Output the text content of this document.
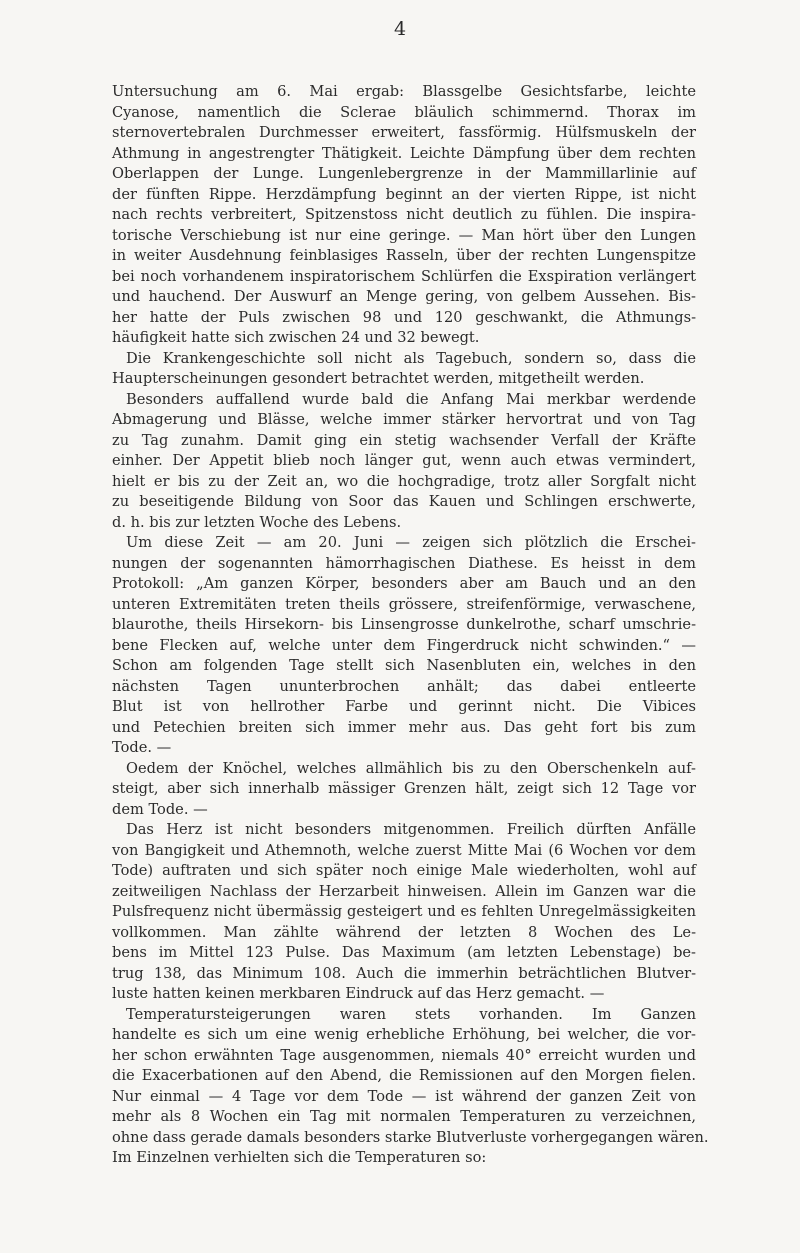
4
Untersuchung am 6. Mai ergab: Blassgelbe Gesichtsfarbe, leichte
Cyanose, namentlich die Sclerae bläulich schimmernd. Thorax im
sternovertebralen Durchmesser erweitert, fassförmig. Hülfsmuskeln der
Athmung in angestrengter Thätigkeit. Leichte Dämpfung über dem rechten
Oberlappen der Lunge. Lungenlebergrenze in der Mammillarlinie auf
der fünften Rippe. Herzdämpfung beginnt an der vierten Rippe, ist nicht
nach rechts verbreitert, Spitzenstoss nicht deutlich zu fühlen. Die inspira-
torische Verschiebung ist nur eine geringe. — Man hört über den Lungen
in weiter Ausdehnung feinblasiges Rasseln, über der rechten Lungenspitze
bei noch vorhandenem inspiratorischem Schlürfen die Exspiration verlängert
und hauchend. Der Auswurf an Menge gering, von gelbem Aussehen. Bis-
her hatte der Puls zwischen 98 und 120 geschwankt, die Athmungs-
häufigkeit hatte sich zwischen 24 und 32 bewegt.
Die Krankengeschichte soll nicht als Tagebuch, sondern so, dass die
Haupterscheinungen gesondert betrachtet werden, mitgetheilt werden.
Besonders auffallend wurde bald die Anfang Mai merkbar werdende
Abmagerung und Blässe, welche immer stärker hervortrat und von Tag
zu Tag zunahm. Damit ging ein stetig wachsender Verfall der Kräfte
einher. Der Appetit blieb noch länger gut, wenn auch etwas vermindert,
hielt er bis zu der Zeit an, wo die hochgradige, trotz aller Sorgfalt nicht
zu beseitigende Bildung von Soor das Kauen und Schlingen erschwerte,
d. h. bis zur letzten Woche des Lebens.
Um diese Zeit — am 20. Juni — zeigen sich plötzlich die Erschei-
nungen der sogenannten hämorrhagischen Diathese. Es heisst in dem
Protokoll: „Am ganzen Körper, besonders aber am Bauch und an den
unteren Extremitäten treten theils grössere, streifenförmige, verwaschene,
blaurothe, theils Hirsekorn- bis Linsengrosse dunkelrothe, scharf umschrie-
bene Flecken auf, welche unter dem Fingerdruck nicht schwinden.“ —
Schon am folgenden Tage stellt sich Nasenbluten ein, welches in den
nächsten Tagen ununterbrochen anhält; das dabei entleerte
Blut ist von hellrother Farbe und gerinnt nicht. Die Vibices
und Petechien breiten sich immer mehr aus. Das geht fort bis zum
Tode. —
Oedem der Knöchel, welches allmählich bis zu den Oberschenkeln auf-
steigt, aber sich innerhalb mässiger Grenzen hält, zeigt sich 12 Tage vor
dem Tode. —
Das Herz ist nicht besonders mitgenommen. Freilich dürften Anfälle
von Bangigkeit und Athemnoth, welche zuerst Mitte Mai (6 Wochen vor dem
Tode) auftraten und sich später noch einige Male wiederholten, wohl auf
zeitweiligen Nachlass der Herzarbeit hinweisen. Allein im Ganzen war die
Pulsfrequenz nicht übermässig gesteigert und es fehlten Unregelmässigkeiten
vollkommen. Man zählte während der letzten 8 Wochen des Le-
bens im Mittel 123 Pulse. Das Maximum (am letzten Lebenstage) be-
trug 138, das Minimum 108. Auch die immerhin beträchtlichen Blutver-
luste hatten keinen merkbaren Eindruck auf das Herz gemacht. —
Temperatursteigerungen waren stets vorhanden. Im Ganzen
handelte es sich um eine wenig erhebliche Erhöhung, bei welcher, die vor-
her schon erwähnten Tage ausgenommen, niemals 40° erreicht wurden und
die Exacerbationen auf den Abend, die Remissionen auf den Morgen fielen.
Nur einmal — 4 Tage vor dem Tode — ist während der ganzen Zeit von
mehr als 8 Wochen ein Tag mit normalen Temperaturen zu verzeichnen,
ohne dass gerade damals besonders starke Blutverluste vorhergegangen wären.
Im Einzelnen verhielten sich die Temperaturen so:
